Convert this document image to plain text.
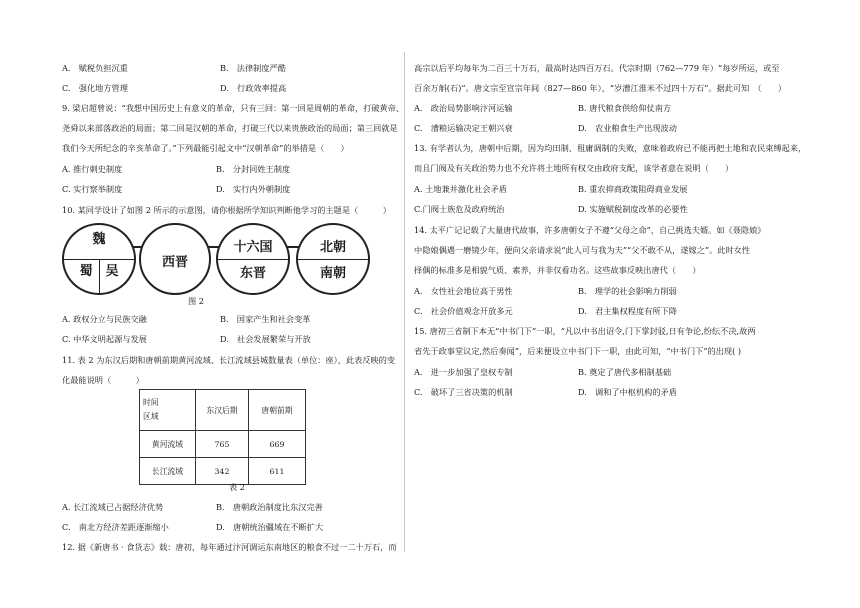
A.　赋税负担沉重	B.　法律制度严酷
C.　强化地方管理	D.　行政效率提高
9. 梁启超曾说：“我想中国历史上有意义的革命，只有三回：第一回是周朝的革命，打破黄帝、
尧舜以来部落政治的局面；第二回是汉朝的革命，打破三代以来贵族政治的局面；第三回就是
我们今天所纪念的辛亥革命了。”下列最能引起文中“汉朝革命”的举措是（　　）
A. 推行刺史制度	B.　分封同姓王制度
C. 实行察举制度	D.　实行内外朝制度
10. 某同学设计了如图 2 所示的示意图，请你根据所学知识判断他学习的主题是（　　　）
魏
蜀 吴
西晋
十六国
东晋
北朝
南朝
图 2
A. 政权分立与民族交融	B.　国家产生和社会变革
C. 中华文明起源与发展	D.　社会发展繁荣与开放
11. 表 2 为东汉后期和唐朝前期黄河流域、长江流域县城数量表（单位：座），此表反映的变
化最能说明（　　　）
时间
区域	东汉后期	唐朝前期
黄河流域	765	669
长江流域	342	611
表 2
A. 长江流域已占据经济优势	B.　唐朝政治制度比东汉完善
C.　南北方经济差距逐渐缩小	D.　唐朝统治疆域在不断扩大
12. 据《新唐书 · 食货志》载：唐初，每年通过汴河调运东南地区的粮食不过一二十万石，而
高宗以后平均每年为二百三十万石，最高时达四百万石。代宗时期（762—779 年）“每岁所运，或至
百余万斛(石)”。唐文宗至宣宗年间（827—860 年），“岁漕江淮米不过四十万石”。据此可知　（　　）
A.　政治局势影响汴河运输	B. 唐代粮食供给仰仗南方
C.　漕粮运输决定王朝兴衰	D.　农业粮食生产出现波动
13. 有学者认为，唐朝中后期，因为均田制、租庸调制的失败，意味着政府已不能再把土地和农民束缚起来，
而且门阀及有关政治势力也不允许将土地所有权交由政府支配，该学者意在说明（　　）
A. 土地兼并激化社会矛盾	B. 重农抑商政策阻碍商业发展
C.门阀士族危及政府统治	D. 实施赋税制度改革的必要性
14. 太平广记记载了大量唐代故事，许多唐朝女子不遵“父母之命”，自己挑选夫婿。如《聂隐娘》
中隐娘偶遇一磨镜少年，便向父亲请求说“此人可与我为夫”“父不敢不从，遂嫁之”。此时女性
择偶的标准多是相貌气质、素养，并非仅看功名。这些故事反映出唐代（　　）
A.　女性社会地位高于男性	B.　理学的社会影响力削弱
C.　社会价值观念开放多元	D.　君主集权程度有所下降
15. 唐初三省制下本无“中书门下”一职，“凡以中书出诏令,门下掌封驳,日有争论,纷纭不决,故两
省先于政事堂议定,然后奏闻”，后来便设立中书门下一职，由此可知，“中书门下”的出现( )
A.　进一步加强了皇权专制	B. 奠定了唐代多相制基础
C.　破坏了三省决策的机制	D.　调和了中枢机构的矛盾
